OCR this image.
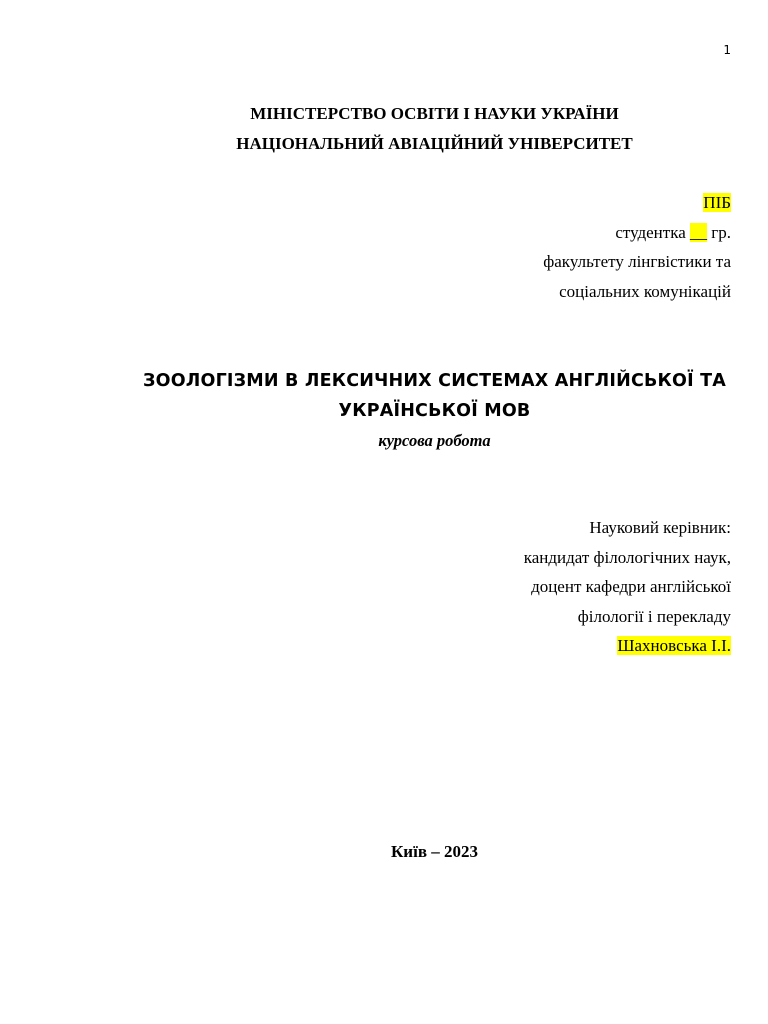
1
МІНІСТЕРСТВО ОСВІТИ І НАУКИ УКРАЇНИ
НАЦІОНАЛЬНИЙ АВІАЦІЙНИЙ УНІВЕРСИТЕТ
ПІБ
студентка __ гр.
факультету лінгвістики та
соціальних комунікацій
ЗООЛОГІЗМИ В ЛЕКСИЧНИХ СИСТЕМАХ АНГЛІЙСЬКОЇ ТА
УКРАЇНСЬКОЇ МОВ
курсова робота
Науковий керівник:
кандидат філологічних наук,
доцент кафедри англійської
філології і перекладу
Шахновська І.І.
Київ – 2023
